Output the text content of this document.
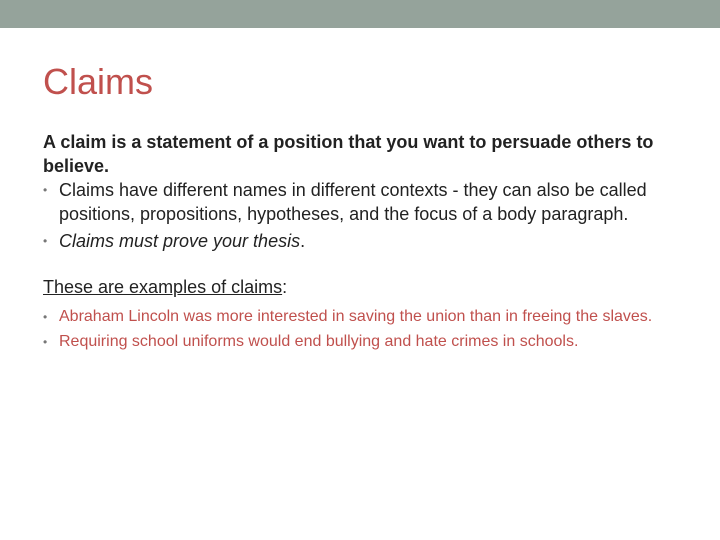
Claims

A claim is a statement of a position that you want to persuade others to believe.

• Claims have different names in different contexts - they can also be called positions, propositions, hypotheses, and the focus of a body paragraph.
• Claims must prove your thesis.

These are examples of claims:

• Abraham Lincoln was more interested in saving the union than in freeing the slaves.
• Requiring school uniforms would end bullying and hate crimes in schools.
